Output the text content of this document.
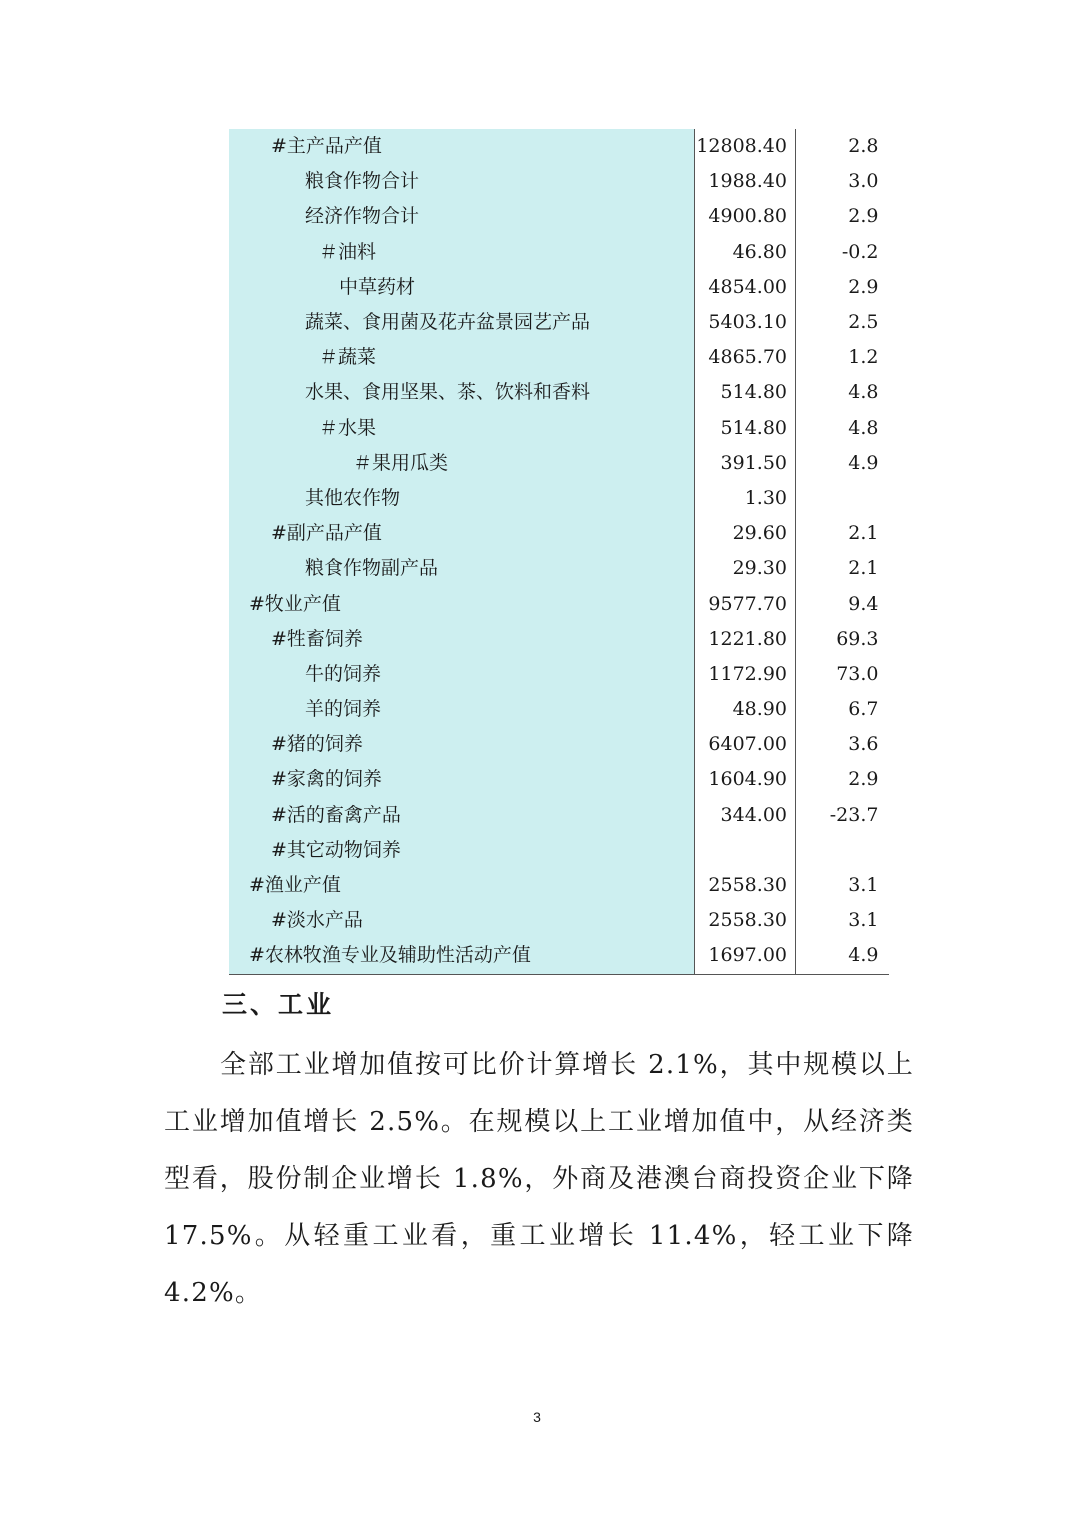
#主产品产值	12808.40	2.8
粮食作物合计	1988.40	3.0
经济作物合计	4900.80	2.9
＃油料	46.80	-0.2
中草药材	4854.00	2.9
蔬菜、食用菌及花卉盆景园艺产品	5403.10	2.5
＃蔬菜	4865.70	1.2
水果、食用坚果、茶、饮料和香料	514.80	4.8
＃水果	514.80	4.8
＃果用瓜类	391.50	4.9
其他农作物	1.30	
#副产品产值	29.60	2.1
粮食作物副产品	29.30	2.1
#牧业产值	9577.70	9.4
#牲畜饲养	1221.80	69.3
牛的饲养	1172.90	73.0
羊的饲养	48.90	6.7
#猪的饲养	6407.00	3.6
#家禽的饲养	1604.90	2.9
#活的畜禽产品	344.00	-23.7
#其它动物饲养		
#渔业产值	2558.30	3.1
#淡水产品	2558.30	3.1
#农林牧渔专业及辅助性活动产值	1697.00	4.9
三、工业

全部工业增加值按可比价计算增长 2.1%，其中规模以上工业增加值增长 2.5%。在规模以上工业增加值中，从经济类型看，股份制企业增长 1.8%，外商及港澳台商投资企业下降 17.5%。从轻重工业看，重工业增长 11.4%，轻工业下降 4.2%。

3
